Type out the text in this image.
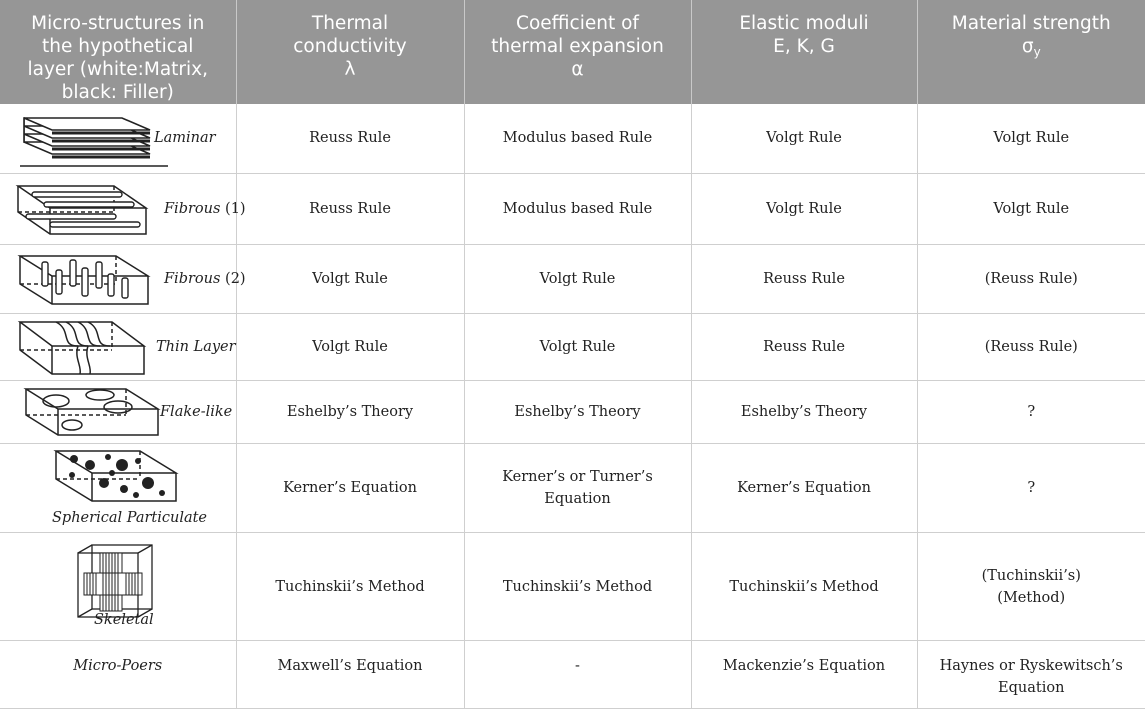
Micro-structures in
the hypothetical
layer (white:Matrix,
black: Filler)	Thermal
conductivity
λ	Coefficient of
thermal expansion
α	Elastic moduli
E, K, G	Material strength
$\sigma_y$

Laminar	Reuss Rule	Modulus based Rule	Volgt Rule	Volgt Rule

Fibrous (1)	Reuss Rule	Modulus based Rule	Volgt Rule	Volgt Rule

Fibrous (2)	Volgt Rule	Volgt Rule	Reuss Rule	(Reuss Rule)

Thin Layer	Volgt Rule	Volgt Rule	Reuss Rule	(Reuss Rule)

Flake-like	Eshelby’s Theory	Eshelby’s Theory	Eshelby’s Theory	?

Spherical Particulate	Kerner’s Equation	Kerner’s or Turner’s Equation	Kerner’s Equation	?

Skeletal	Tuchinskii’s Method	Tuchinskii’s Method	Tuchinskii’s Method	(Tuchinskii’s)
(Method)

Micro-Poers	Maxwell’s Equation	-	Mackenzie’s Equation	Haynes or Ryskewitsch’s
Equation
